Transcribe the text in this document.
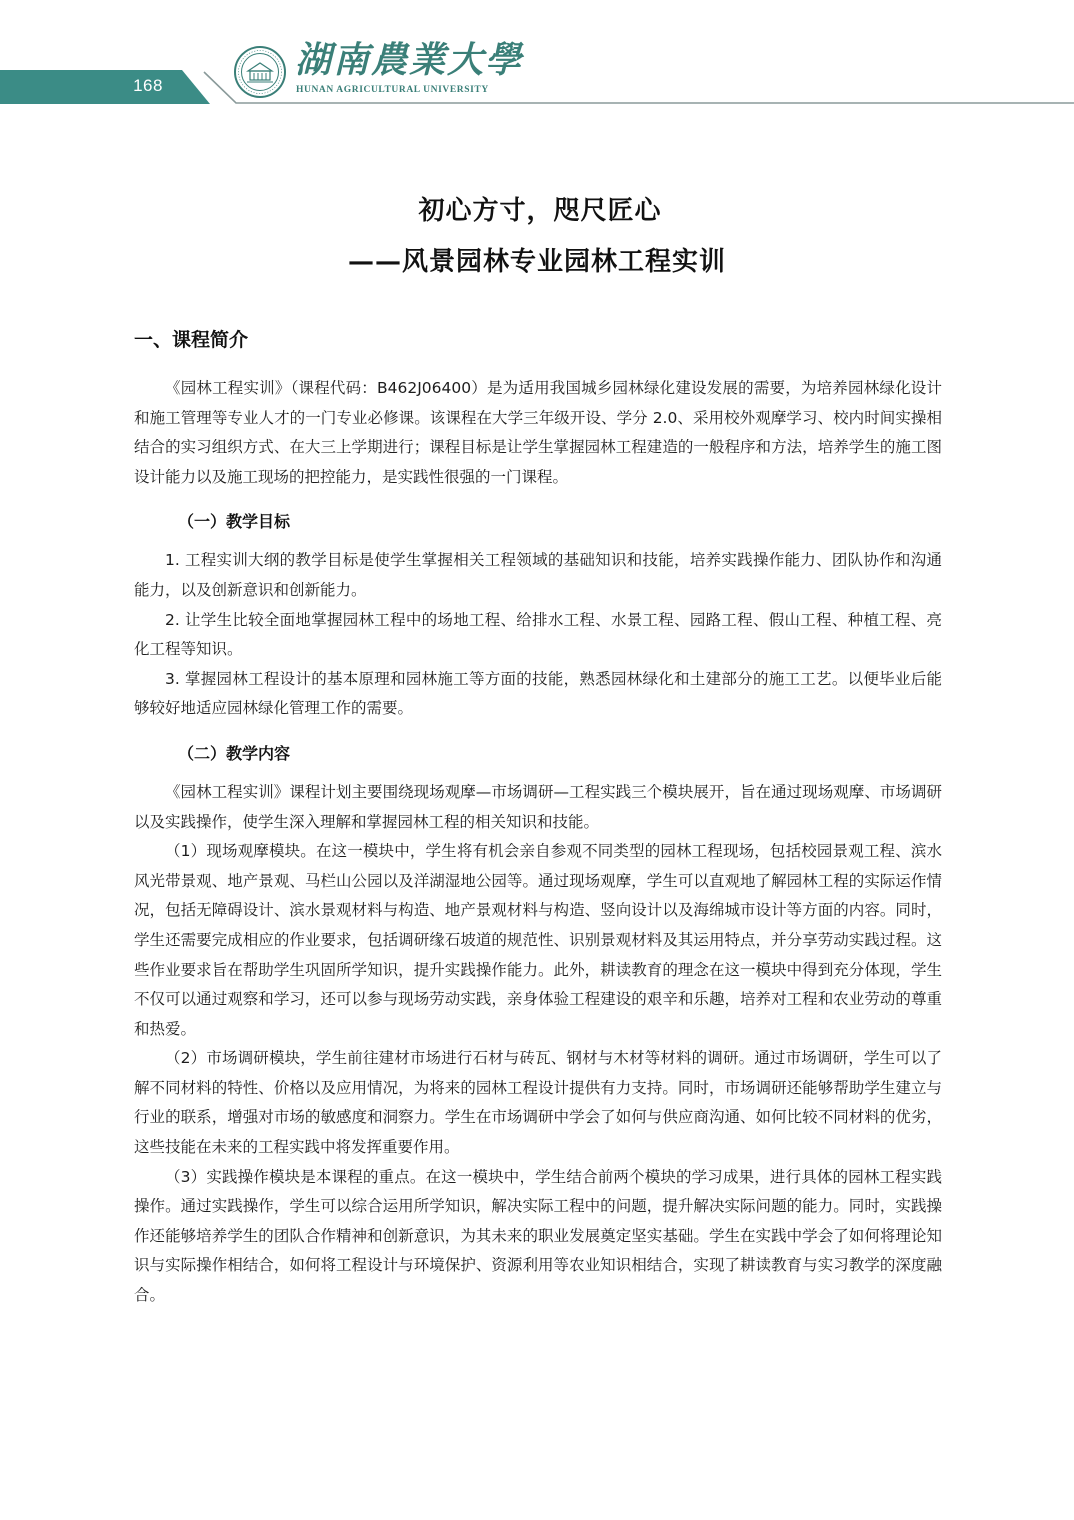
168
湖南農業大學
HUNAN AGRICULTURAL UNIVERSITY
初心方寸，咫尺匠心
——风景园林专业园林工程实训
一、课程简介

《园林工程实训》（课程代码：B462J06400）是为适用我国城乡园林绿化建设发展的需要，为培养园林绿化设计和施工管理等专业人才的一门专业必修课。该课程在大学三年级开设、学分 2.0、采用校外观摩学习、校内时间实操相结合的实习组织方式、在大三上学期进行；课程目标是让学生掌握园林工程建造的一般程序和方法，培养学生的施工图设计能力以及施工现场的把控能力，是实践性很强的一门课程。

（一）教学目标

1. 工程实训大纲的教学目标是使学生掌握相关工程领域的基础知识和技能，培养实践操作能力、团队协作和沟通能力，以及创新意识和创新能力。

2. 让学生比较全面地掌握园林工程中的场地工程、给排水工程、水景工程、园路工程、假山工程、种植工程、亮化工程等知识。

3. 掌握园林工程设计的基本原理和园林施工等方面的技能，熟悉园林绿化和土建部分的施工工艺。以便毕业后能够较好地适应园林绿化管理工作的需要。

（二）教学内容

《园林工程实训》课程计划主要围绕现场观摩—市场调研—工程实践三个模块展开，旨在通过现场观摩、市场调研以及实践操作，使学生深入理解和掌握园林工程的相关知识和技能。

（1）现场观摩模块。在这一模块中，学生将有机会亲自参观不同类型的园林工程现场，包括校园景观工程、滨水风光带景观、地产景观、马栏山公园以及洋湖湿地公园等。通过现场观摩，学生可以直观地了解园林工程的实际运作情况，包括无障碍设计、滨水景观材料与构造、地产景观材料与构造、竖向设计以及海绵城市设计等方面的内容。同时，学生还需要完成相应的作业要求，包括调研缘石坡道的规范性、识别景观材料及其运用特点，并分享劳动实践过程。这些作业要求旨在帮助学生巩固所学知识，提升实践操作能力。此外，耕读教育的理念在这一模块中得到充分体现，学生不仅可以通过观察和学习，还可以参与现场劳动实践，亲身体验工程建设的艰辛和乐趣，培养对工程和农业劳动的尊重和热爱。

（2）市场调研模块，学生前往建材市场进行石材与砖瓦、钢材与木材等材料的调研。通过市场调研，学生可以了解不同材料的特性、价格以及应用情况，为将来的园林工程设计提供有力支持。同时，市场调研还能够帮助学生建立与行业的联系，增强对市场的敏感度和洞察力。学生在市场调研中学会了如何与供应商沟通、如何比较不同材料的优劣，这些技能在未来的工程实践中将发挥重要作用。

（3）实践操作模块是本课程的重点。在这一模块中，学生结合前两个模块的学习成果，进行具体的园林工程实践操作。通过实践操作，学生可以综合运用所学知识，解决实际工程中的问题，提升解决实际问题的能力。同时，实践操作还能够培养学生的团队合作精神和创新意识，为其未来的职业发展奠定坚实基础。学生在实践中学会了如何将理论知识与实际操作相结合，如何将工程设计与环境保护、资源利用等农业知识相结合，实现了耕读教育与实习教学的深度融合。
